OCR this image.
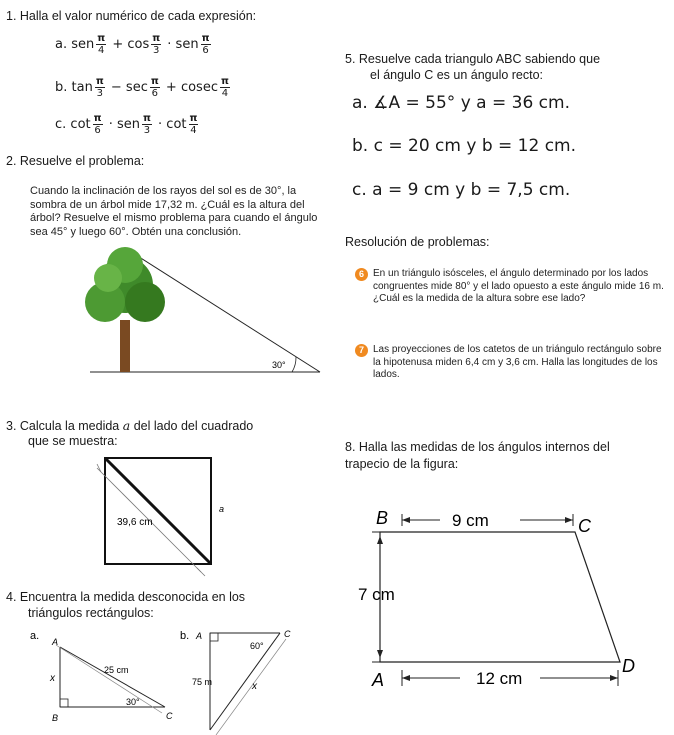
1. Halla el valor numérico de cada expresión:
a. sen $\frac{\pi}{4} + \cos \frac{\pi}{3}$ · sen $\frac{\pi}{6}$
b. $\tan \frac{\pi}{3} - \sec \frac{\pi}{6} + cosec \frac{\pi}{4}$
c. $\cot \frac{\pi}{6}$ · sen $\frac{\pi}{3} \cdot \cot \frac{\pi}{4}$
2. Resuelve el problema:
Cuando la inclinación de los rayos del sol es de 30°, la sombra de un árbol mide 17,32 m. ¿Cuál es la altura del árbol? Resuelve el mismo problema para cuando el ángulo sea 45° y luego 60°. Obtén una conclusión.
30°
3. Calcula la medida a del lado del cuadrado
que se muestra:
39,6 cm
a
4. Encuentra la medida desconocida en los
triángulos rectángulos:
a. A
B	C
x
25 cm
30°
b. A	C
75 m	x
60°
5. Resuelve cada triangulo ABC sabiendo que
el ángulo C es un ángulo recto:
a. ∡A = 55° y a = 36 cm.
b. c = 20 cm y b = 12 cm.
c. a = 9 cm y b = 7,5 cm.
Resolución de problemas:
6 En un triángulo isósceles, el ángulo determinado por los lados congruentes mide 80° y el lado opuesto a este ángulo mide 16 m. ¿Cuál es la medida de la altura sobre ese lado?
7 Las proyecciones de los catetos de un triángulo rectángulo sobre la hipotenusa miden 6,4 cm y 3,6 cm. Halla las longitudes de los lados.
8. Halla las medidas de los ángulos internos del
trapecio de la figura:
9 cm
7 cm
12 cm
B	C
A
D
